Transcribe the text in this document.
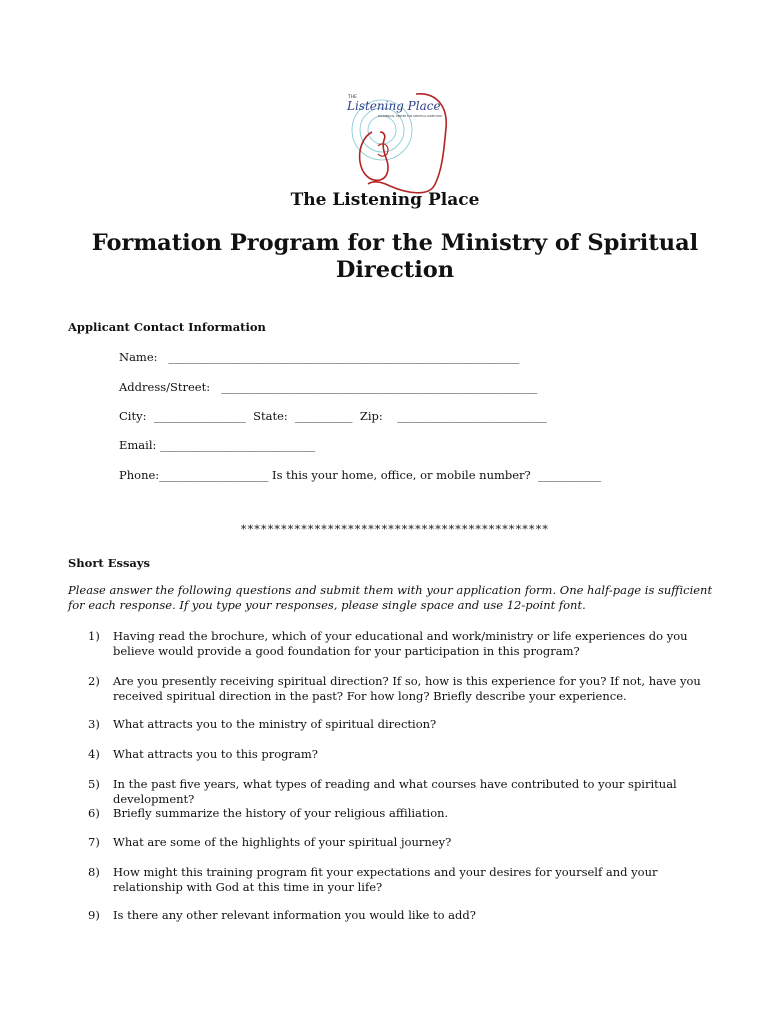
THE
Listening Place
ECUMENICAL CENTER FOR SPIRITUAL DIRECTION
The Listening Place
Formation Program for the Ministry of Spiritual Direction
Applicant Contact Information
Name:   _____________________________________________________________
Address/Street:   _______________________________________________________
City:  ________________  State:  __________  Zip:    __________________________
Email: ___________________________
Phone:___________________ Is this your home, office, or mobile number?  ___________
**********************************************
Short Essays
Please answer the following questions and submit them with your application form. One half-page is sufficient for each response. If you type your responses, please single space and use 12-point font.
1)	Having read the brochure, which of your educational and work/ministry or life experiences do you believe would provide a good foundation for your participation in this program?
2)	Are you presently receiving spiritual direction? If so, how is this experience for you? If not, have you received spiritual direction in the past? For how long? Briefly describe your experience.
3)	What attracts you to the ministry of spiritual direction?
4)	What attracts you to this program?
5)	In the past five years, what types of reading and what courses have contributed to your spiritual development?
6)	Briefly summarize the history of your religious affiliation.
7)	What are some of the highlights of your spiritual journey?
8)	How might this training program fit your expectations and your desires for yourself and your relationship with God at this time in your life?
9)	Is there any other relevant information you would like to add?
